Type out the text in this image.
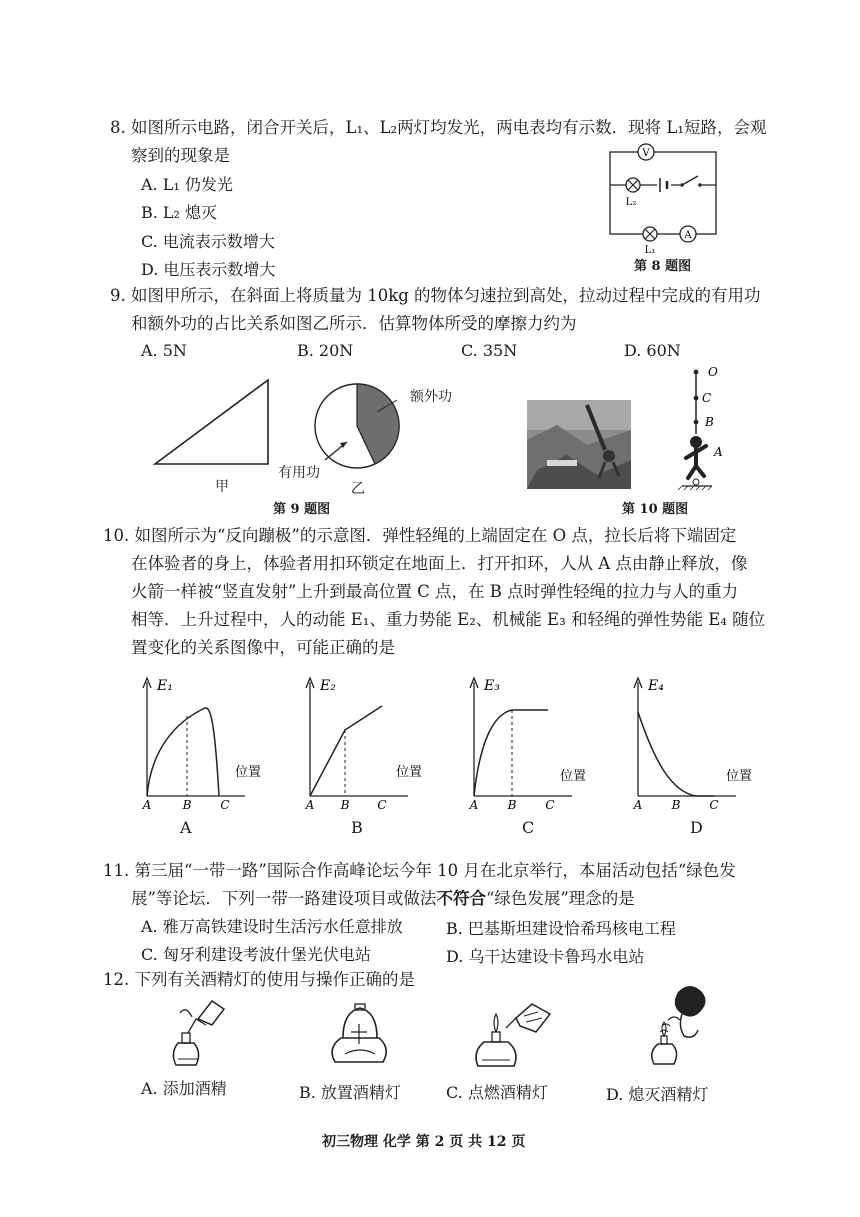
8. 如图所示电路，闭合开关后，L₁、L₂两灯均发光，两电表均有示数．现将 L₁短路，会观
察到的现象是
A. L₁ 仍发光
B. L₂ 熄灭
C. 电流表示数增大
D. 电压表示数增大
V
L₂
A
L₁
第 8 题图
9. 如图甲所示，在斜面上将质量为 10kg 的物体匀速拉到高处，拉动过程中完成的有用功
和额外功的占比关系如图乙所示．估算物体所受的摩擦力约为
A. 5N	B. 20N	C. 35N	D. 60N
甲
额外功
有用功
乙
第 9 题图
O
C
B
A
第 10 题图
10. 如图所示为“反向蹦极”的示意图．弹性轻绳的上端固定在 O 点，拉长后将下端固定
在体验者的身上，体验者用扣环锁定在地面上．打开扣环，人从 A 点由静止释放，像
火箭一样被“竖直发射”上升到最高位置 C 点，在 B 点时弹性轻绳的拉力与人的重力
相等．上升过程中，人的动能 E₁、重力势能 E₂、机械能 E₃ 和轻绳的弹性势能 E₄ 随位
置变化的关系图像中，可能正确的是
E₁
位置
A	B C
A
E₂
位置
A B C
B
E₃
位置
A B C
C
E₄
位置
A B C
D
11. 第三届“一带一路”国际合作高峰论坛今年 10 月在北京举行，本届活动包括“绿色发
展”等论坛．下列一带一路建设项目或做法不符合“绿色发展”理念的是
A. 雅万高铁建设时生活污水任意排放	B. 巴基斯坦建设恰希玛核电工程
C. 匈牙利建设考波什堡光伏电站	D. 乌干达建设卡鲁玛水电站
12. 下列有关酒精灯的使用与操作正确的是
A. 添加酒精	B. 放置酒精灯	C. 点燃酒精灯	D. 熄灭酒精灯
初三物理 化学 第 2 页 共 12 页
